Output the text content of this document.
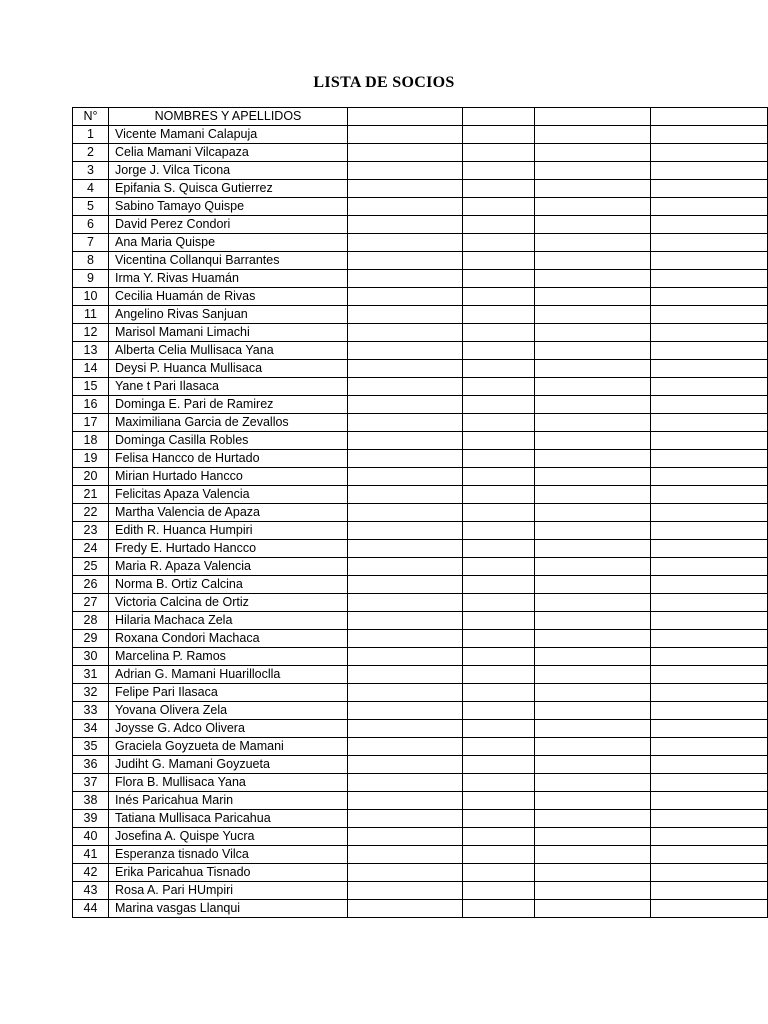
LISTA DE SOCIOS
N°	NOMBRES Y APELLIDOS				
1	Vicente Mamani Calapuja				
2	Celia Mamani Vilcapaza				
3	Jorge J. Vilca Ticona				
4	Epifania S. Quisca Gutierrez				
5	Sabino Tamayo Quispe				
6	David Perez Condori				
7	Ana Maria Quispe				
8	Vicentina Collanqui Barrantes				
9	Irma Y. Rivas Huamán				
10	Cecilia Huamán de Rivas				
11	Angelino Rivas Sanjuan				
12	Marisol Mamani Limachi				
13	Alberta Celia Mullisaca Yana				
14	Deysi P. Huanca Mullisaca				
15	Yane t Pari Ilasaca				
16	Dominga E. Pari de Ramirez				
17	Maximiliana Garcia de Zevallos				
18	Dominga Casilla Robles				
19	Felisa Hancco de Hurtado				
20	Mirian Hurtado Hancco				
21	Felicitas Apaza Valencia				
22	Martha Valencia de Apaza				
23	Edith R. Huanca Humpiri				
24	Fredy E. Hurtado Hancco				
25	Maria R. Apaza Valencia				
26	Norma B. Ortiz Calcina				
27	Victoria Calcina de Ortiz				
28	Hilaria Machaca Zela				
29	Roxana Condori Machaca				
30	Marcelina P. Ramos				
31	Adrian G. Mamani Huarilloclla				
32	Felipe Pari Ilasaca				
33	Yovana Olivera Zela				
34	Joysse G. Adco Olivera				
35	Graciela Goyzueta de Mamani				
36	Judiht G. Mamani Goyzueta				
37	Flora B. Mullisaca Yana				
38	Inés Paricahua Marin				
39	Tatiana Mullisaca Paricahua				
40	Josefina A. Quispe Yucra				
41	Esperanza tisnado Vilca				
42	Erika Paricahua Tisnado				
43	Rosa A. Pari HUmpiri				
44	Marina vasgas Llanqui				
